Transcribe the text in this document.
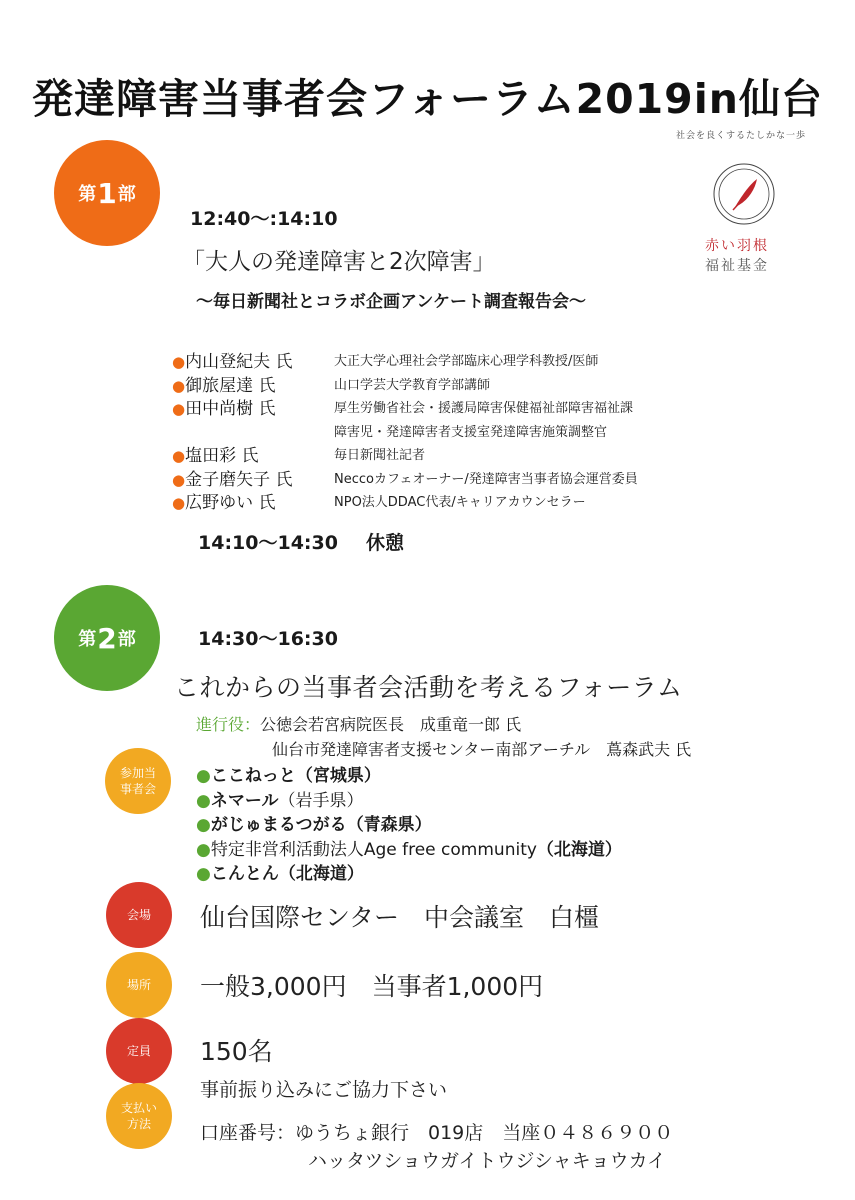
発達障害当事者会フォーラム2019in仙台
社会を良くするたしかな一歩
赤い羽根
福祉基金
第 1 部
12:40〜:14:10
「大人の発達障害と2次障害」
〜毎日新聞社とコラボ企画アンケート調査報告会〜
●内山登紀夫 氏	大正大学心理社会学部臨床心理学科教授/医師
●御旅屋達 氏	山口学芸大学教育学部講師
●田中尚樹 氏	厚生労働省社会・援護局障害保健福祉部障害福祉課
障害児・発達障害者支援室発達障害施策調整官
●塩田彩 氏	毎日新聞社記者
●金子磨矢子 氏	Neccoカフェオーナー/発達障害当事者協会運営委員
●広野ゆい 氏	NPO法人DDAC代表/キャリアカウンセラー
14:10〜14:30 休憩
第 2 部	14:30〜16:30
これからの当事者会活動を考えるフォーラム
進行役：公徳会若宮病院医長　成重竜一郎 氏
仙台市発達障害者支援センター南部アーチル　蔦森武夫 氏
参加当
事者会
●ここねっと（宮城県）
●ネマール（岩手県）
●がじゅまるつがる（青森県）
●特定非営利活動法人Age free community（北海道）
●こんとん（北海道）
会場 仙台国際センター　中会議室　白橿
場所 一般3,000円　当事者1,000円
定員 150名
支払い
方法
事前振り込みにご協力下さい
口座番号：ゆうちょ銀行　019店　当座０４８６９００
ハッタツショウガイトウジシャキョウカイ
